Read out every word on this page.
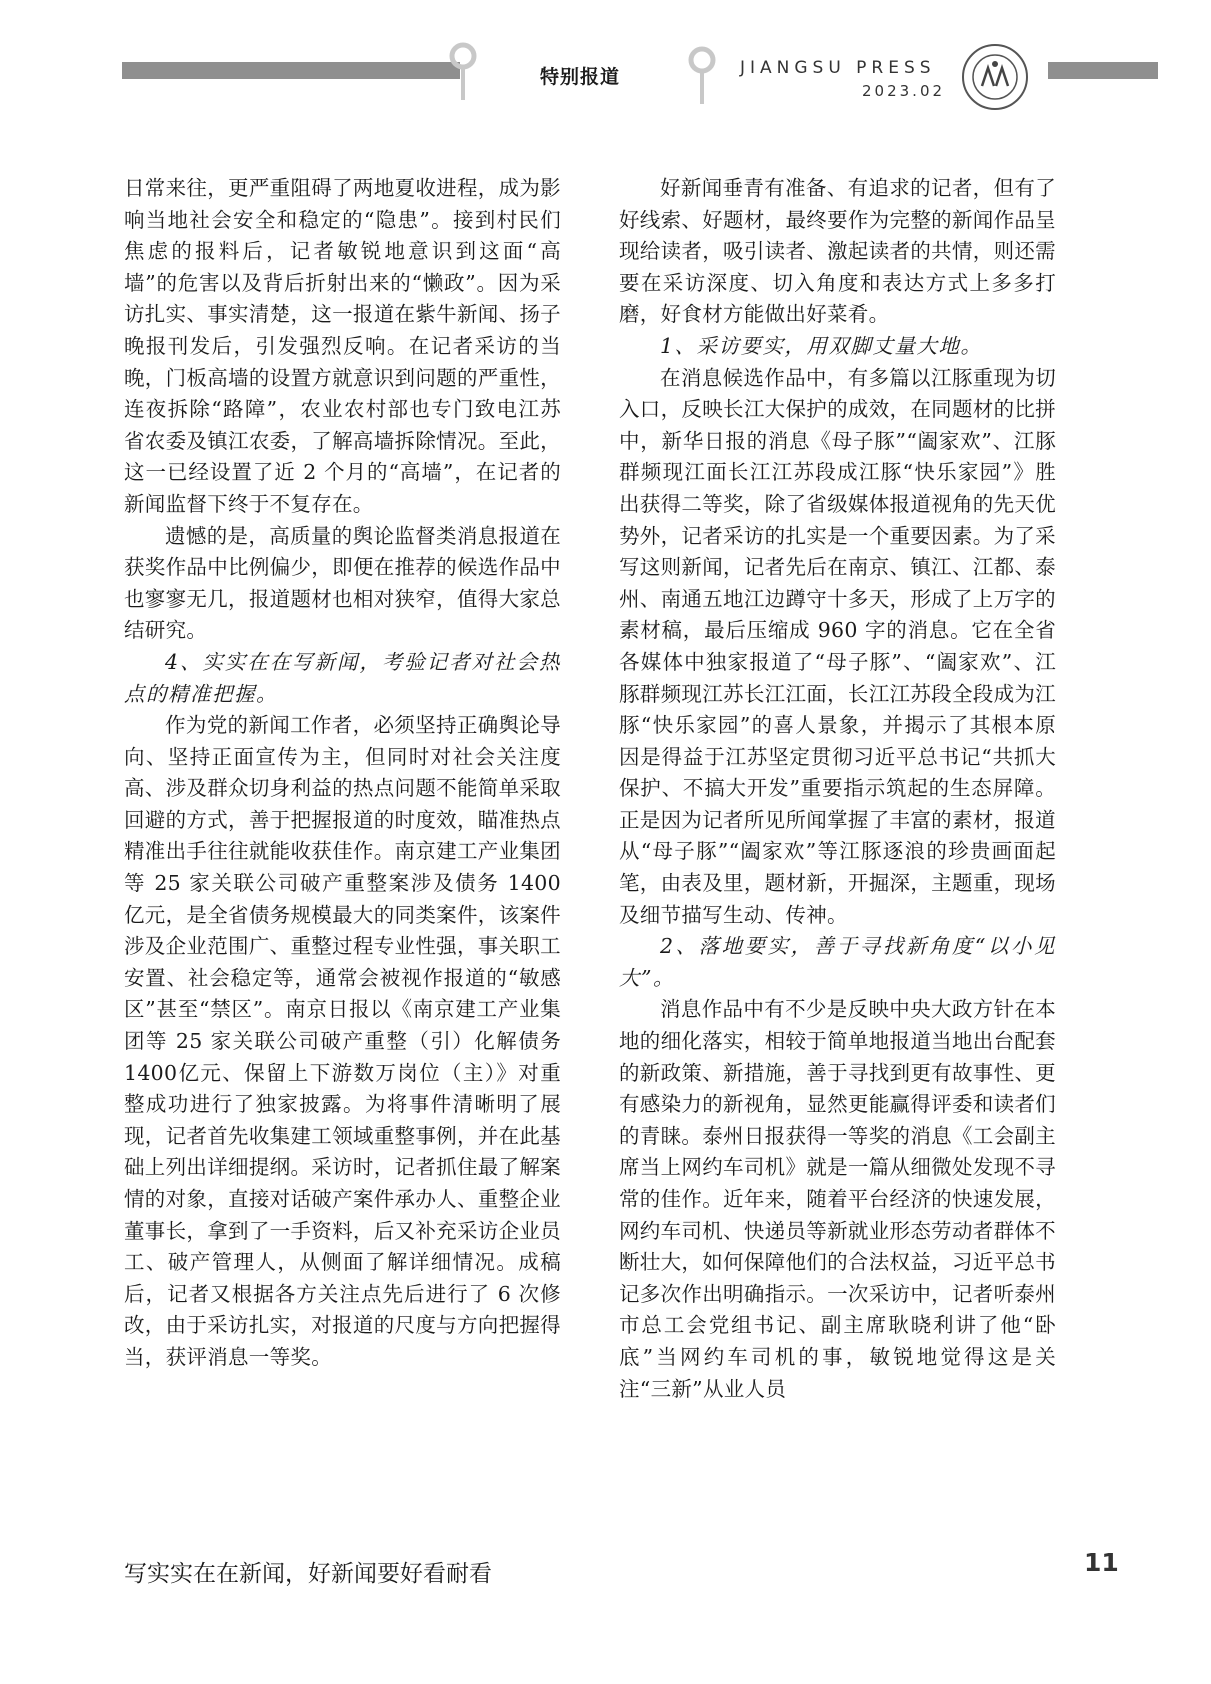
特别报道	JIANGSU PRESS
2023.02

日常来往，更严重阻碍了两地夏收进程，成为影响当地社会安全和稳定的“隐患”。接到村民们焦虑的报料后，记者敏锐地意识到这面“高墙”的危害以及背后折射出来的“懒政”。因为采访扎实、事实清楚，这一报道在紫牛新闻、扬子晚报刊发后，引发强烈反响。在记者采访的当晚，门板高墙的设置方就意识到问题的严重性，连夜拆除“路障”，农业农村部也专门致电江苏省农委及镇江农委，了解高墙拆除情况。至此，这一已经设置了近 2 个月的“高墙”，在记者的新闻监督下终于不复存在。

遗憾的是，高质量的舆论监督类消息报道在获奖作品中比例偏少，即便在推荐的候选作品中也寥寥无几，报道题材也相对狭窄，值得大家总结研究。

4、实实在在写新闻，考验记者对社会热点的精准把握。

作为党的新闻工作者，必须坚持正确舆论导向、坚持正面宣传为主，但同时对社会关注度高、涉及群众切身利益的热点问题不能简单采取回避的方式，善于把握报道的时度效，瞄准热点精准出手往往就能收获佳作。南京建工产业集团等 25 家关联公司破产重整案涉及债务 1400 亿元，是全省债务规模最大的同类案件，该案件涉及企业范围广、重整过程专业性强，事关职工安置、社会稳定等，通常会被视作报道的“敏感区”甚至“禁区”。南京日报以《南京建工产业集团等 25 家关联公司破产重整（引）化解债务 1400亿元、保留上下游数万岗位（主）》对重整成功进行了独家披露。为将事件清晰明了展现，记者首先收集建工领域重整事例，并在此基础上列出详细提纲。采访时，记者抓住最了解案情的对象，直接对话破产案件承办人、重整企业董事长，拿到了一手资料，后又补充采访企业员工、破产管理人，从侧面了解详细情况。成稿后，记者又根据各方关注点先后进行了 6 次修改，由于采访扎实，对报道的尺度与方向把握得当，获评消息一等奖。

写实实在在新闻，好新闻要好看耐看

好新闻垂青有准备、有追求的记者，但有了好线索、好题材，最终要作为完整的新闻作品呈现给读者，吸引读者、激起读者的共情，则还需要在采访深度、切入角度和表达方式上多多打磨，好食材方能做出好菜肴。

1、采访要实，用双脚丈量大地。

在消息候选作品中，有多篇以江豚重现为切入口，反映长江大保护的成效，在同题材的比拼中，新华日报的消息《母子豚”“阖家欢”、江豚群频现江面长江江苏段成江豚“快乐家园”》胜出获得二等奖，除了省级媒体报道视角的先天优势外，记者采访的扎实是一个重要因素。为了采写这则新闻，记者先后在南京、镇江、江都、泰州、南通五地江边蹲守十多天，形成了上万字的素材稿，最后压缩成 960 字的消息。它在全省各媒体中独家报道了“母子豚”、“阖家欢”、江豚群频现江苏长江江面，长江江苏段全段成为江豚“快乐家园”的喜人景象，并揭示了其根本原因是得益于江苏坚定贯彻习近平总书记“共抓大保护、不搞大开发”重要指示筑起的生态屏障。正是因为记者所见所闻掌握了丰富的素材，报道从“母子豚”“阖家欢”等江豚逐浪的珍贵画面起笔，由表及里，题材新，开掘深，主题重，现场及细节描写生动、传神。

2、落地要实，善于寻找新角度“以小见大”。

消息作品中有不少是反映中央大政方针在本地的细化落实，相较于简单地报道当地出台配套的新政策、新措施，善于寻找到更有故事性、更有感染力的新视角，显然更能赢得评委和读者们的青睐。泰州日报获得一等奖的消息《工会副主席当上网约车司机》就是一篇从细微处发现不寻常的佳作。近年来，随着平台经济的快速发展，网约车司机、快递员等新就业形态劳动者群体不断壮大，如何保障他们的合法权益，习近平总书记多次作出明确指示。一次采访中，记者听泰州市总工会党组书记、副主席耿晓利讲了他“卧底”当网约车司机的事，敏锐地觉得这是关注“三新”从业人员

11
